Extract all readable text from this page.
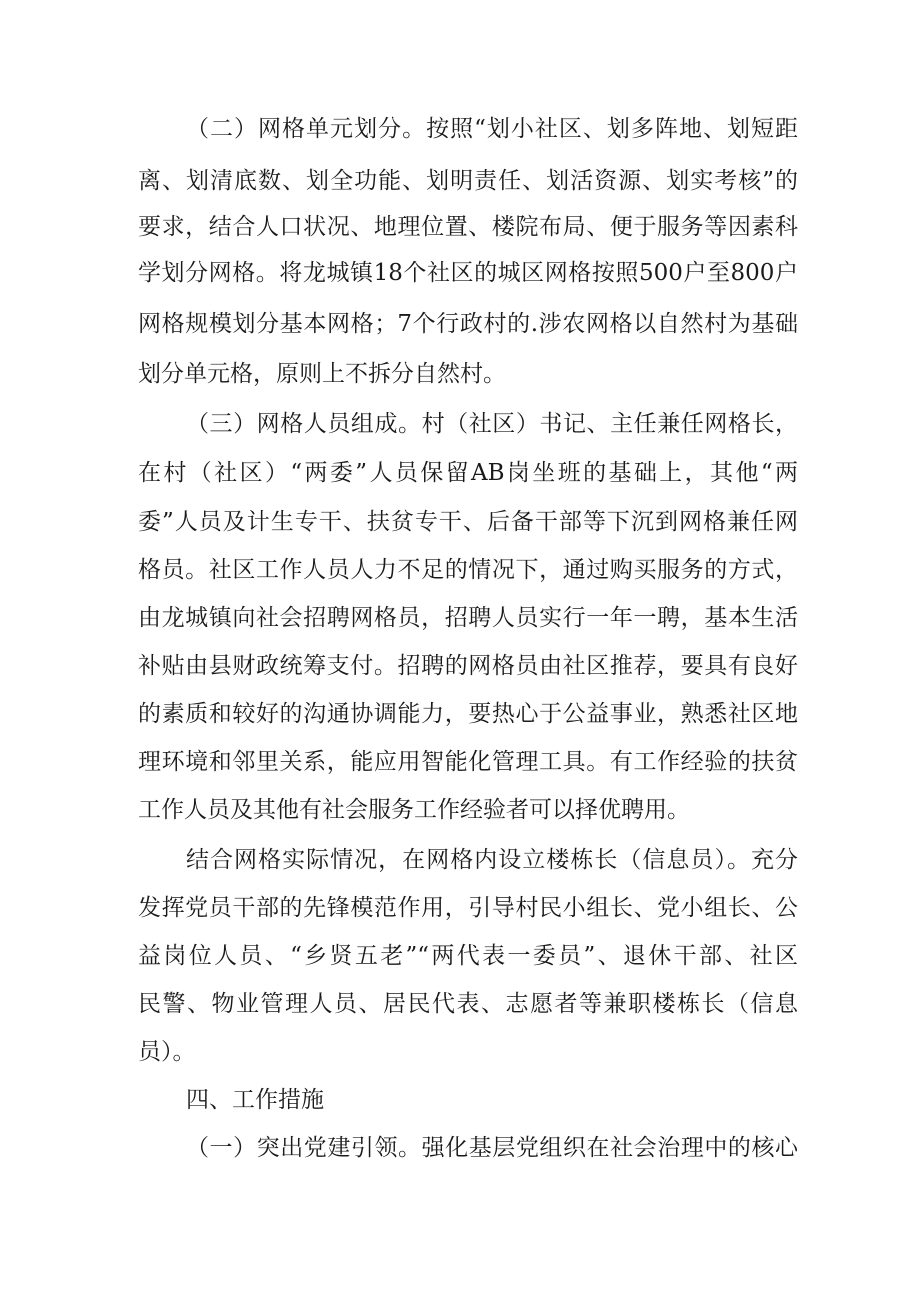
（二）网格单元划分。按照“划小社区、划多阵地、划短距
离、划清底数、划全功能、划明责任、划活资源、划实考核”的
要求，结合人口状况、地理位置、楼院布局、便于服务等因素科
学划分网格。将龙城镇18个社区的城区网格按照500户至800户
网格规模划分基本网格；7个行政村的.涉农网格以自然村为基础
划分单元格，原则上不拆分自然村。
（三）网格人员组成。村（社区）书记、主任兼任网格长，
在村（社区）“两委”人员保留AB岗坐班的基础上，其他“两
委”人员及计生专干、扶贫专干、后备干部等下沉到网格兼任网
格员。社区工作人员人力不足的情况下，通过购买服务的方式，
由龙城镇向社会招聘网格员，招聘人员实行一年一聘，基本生活
补贴由县财政统筹支付。招聘的网格员由社区推荐，要具有良好
的素质和较好的沟通协调能力，要热心于公益事业，熟悉社区地
理环境和邻里关系，能应用智能化管理工具。有工作经验的扶贫
工作人员及其他有社会服务工作经验者可以择优聘用。
结合网格实际情况，在网格内设立楼栋长（信息员）。充分
发挥党员干部的先锋模范作用，引导村民小组长、党小组长、公
益岗位人员、“乡贤五老”“两代表一委员”、退休干部、社区
民警、物业管理人员、居民代表、志愿者等兼职楼栋长（信息
员）。
四、工作措施
（一）突出党建引领。强化基层党组织在社会治理中的核心
